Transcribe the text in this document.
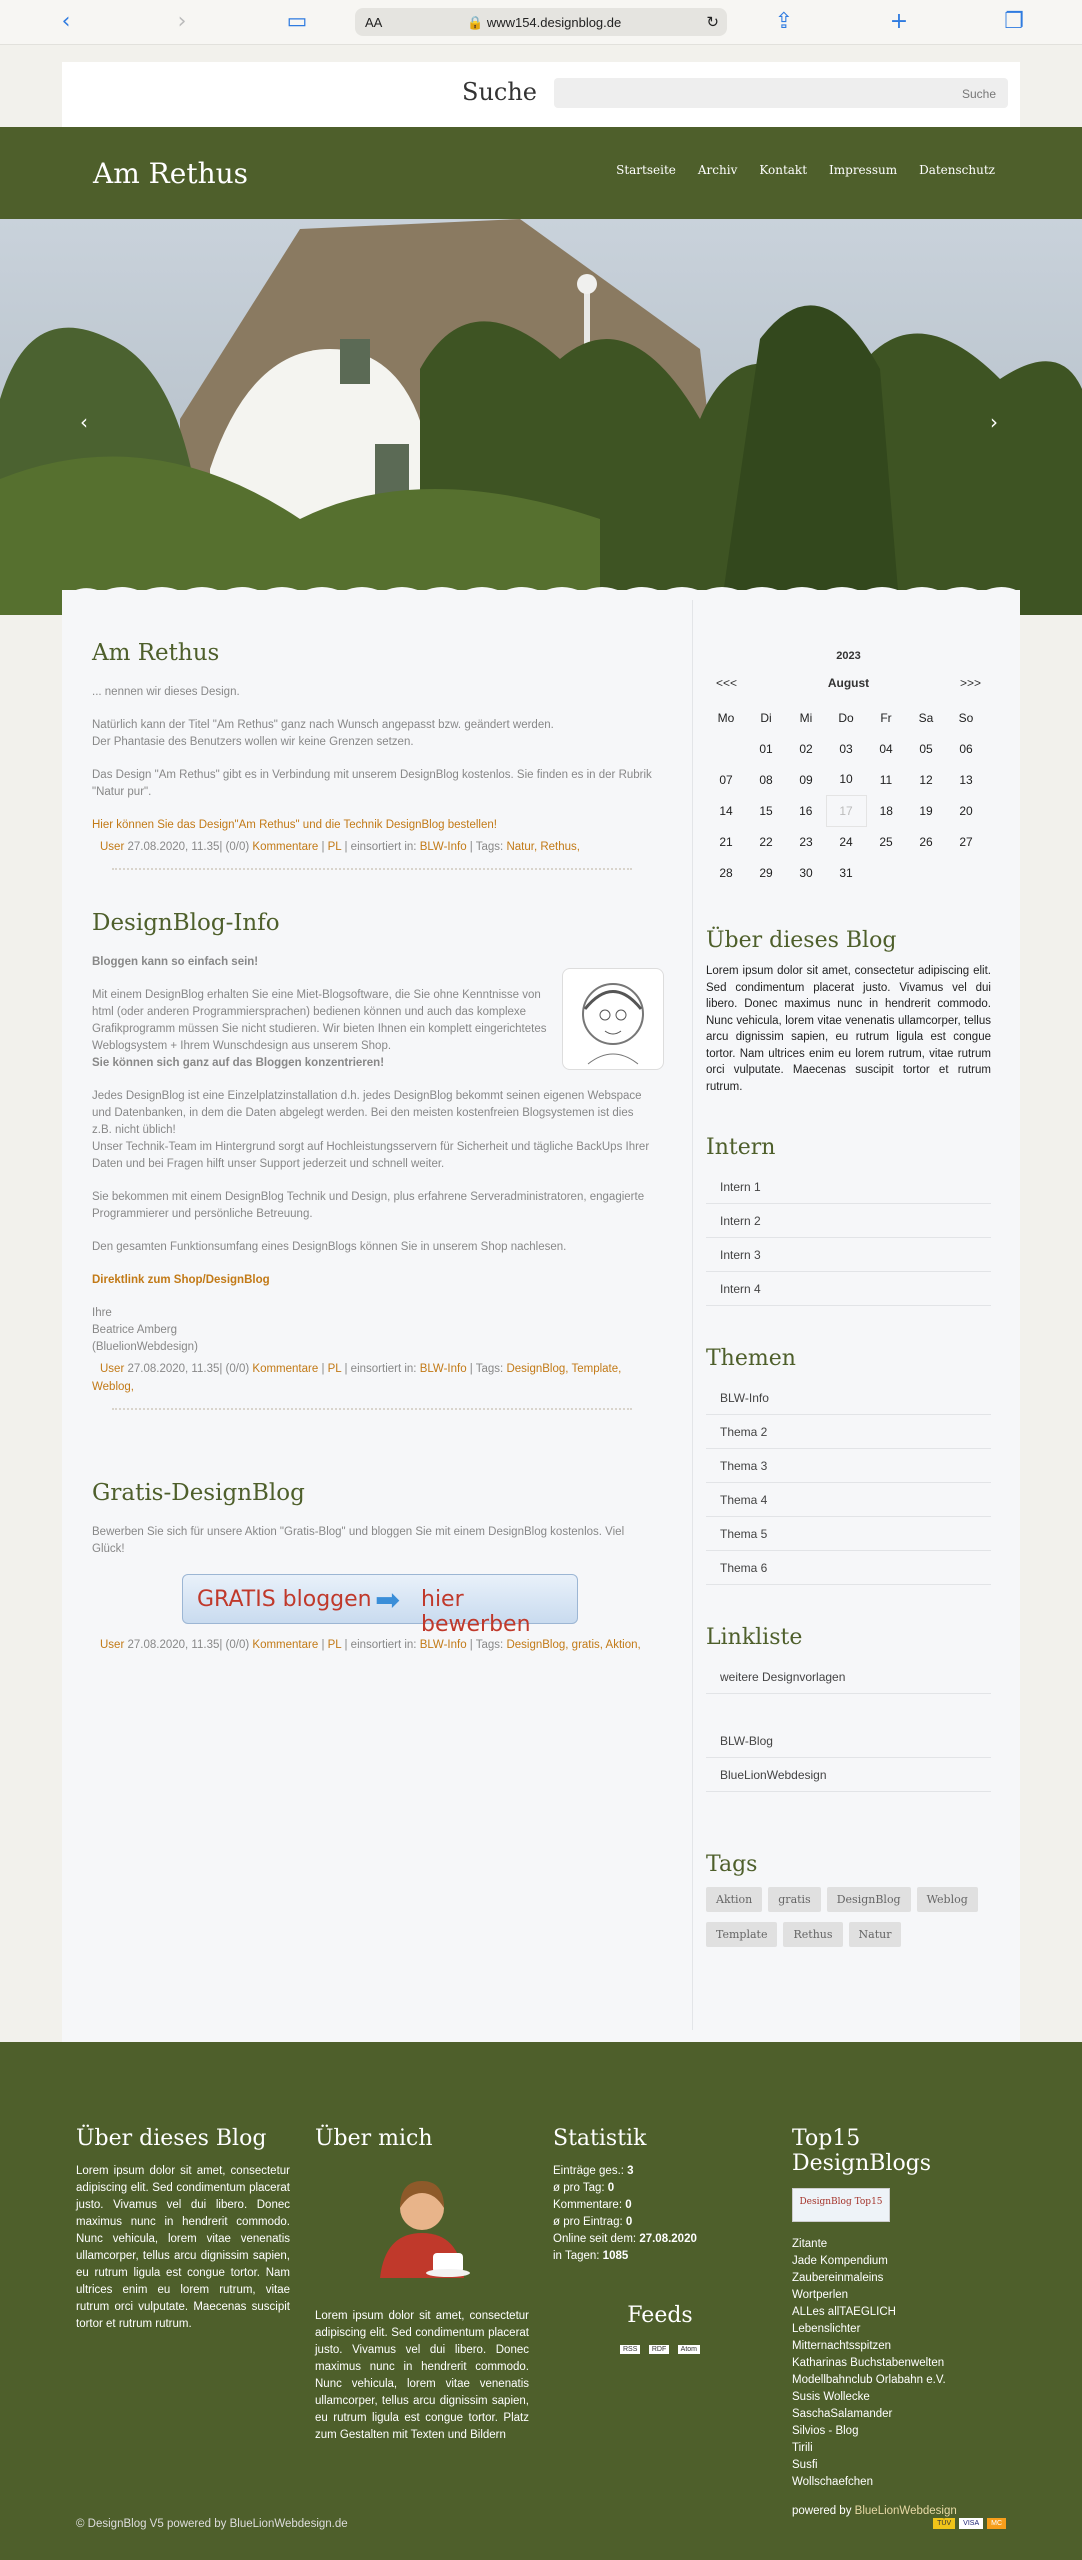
‹	›	▭	AA	🔒 www154.designblog.de	↻	⇪	+	❐
Suche	Suche
Am Rethus	Startseite Archiv Kontakt Impressum Datenschutz
‹	›
Am Rethus
... nennen wir dieses Design.
Natürlich kann der Titel "Am Rethus" ganz nach Wunsch angepasst bzw. geändert werden.
Der Phantasie des Benutzers wollen wir keine Grenzen setzen.
Das Design "Am Rethus" gibt es in Verbindung mit unserem DesignBlog kostenlos. Sie finden es in der Rubrik "Natur pur".
Hier können Sie das Design"Am Rethus" und die Technik DesignBlog bestellen!
User 27.08.2020, 11.35| (0/0) Kommentare | PL | einsortiert in: BLW-Info | Tags: Natur, Rethus,
DesignBlog-Info
Bloggen kann so einfach sein!
Mit einem DesignBlog erhalten Sie eine Miet-Blogsoftware, die Sie ohne Kenntnisse von html (oder anderen Programmiersprachen) bedienen können und auch das komplexe Grafikprogramm müssen Sie nicht studieren. Wir bieten Ihnen ein komplett eingerichtetes Weblogsystem + Ihrem Wunschdesign aus unserem Shop.
Sie können sich ganz auf das Bloggen konzentrieren!
Jedes DesignBlog ist eine Einzelplatzinstallation d.h. jedes DesignBlog bekommt seinen eigenen Webspace und Datenbanken, in dem die Daten abgelegt werden. Bei den meisten kostenfreien Blogsystemen ist dies z.B. nicht üblich!
Unser Technik-Team im Hintergrund sorgt auf Hochleistungsservern für Sicherheit und tägliche BackUps Ihrer Daten und bei Fragen hilft unser Support jederzeit und schnell weiter.
Sie bekommen mit einem DesignBlog Technik und Design, plus erfahrene Serveradministratoren, engagierte Programmierer und persönliche Betreuung.
Den gesamten Funktionsumfang eines DesignBlogs können Sie in unserem Shop nachlesen.
Direktlink zum Shop/DesignBlog
Ihre
Beatrice Amberg
(BluelionWebdesign)
User 27.08.2020, 11.35| (0/0) Kommentare | PL | einsortiert in: BLW-Info | Tags: DesignBlog, Template, Weblog,
Gratis-DesignBlog
Bewerben Sie sich für unsere Aktion "Gratis-Blog" und bloggen Sie mit einem DesignBlog kostenlos. Viel Glück!
GRATIS bloggen ➡ hier bewerben
User 27.08.2020, 11.35| (0/0) Kommentare | PL | einsortiert in: BLW-Info | Tags: DesignBlog, gratis, Aktion,
2023
<<<	August	>>>
Mo	Di	Mi	Do	Fr	Sa	So
	01	02	03	04	05	06
07	08	09	10	11	12	13
14	15	16	17	18	19	20
21	22	23	24	25	26	27
28	29	30	31			
Über dieses Blog
Lorem ipsum dolor sit amet, consectetur adipiscing elit. Sed condimentum placerat justo. Vivamus vel dui libero. Donec maximus nunc in hendrerit commodo. Nunc vehicula, lorem vitae venenatis ullamcorper, tellus arcu dignissim sapien, eu rutrum ligula est congue tortor. Nam ultrices enim eu lorem rutrum, vitae rutrum orci vulputate. Maecenas suscipit tortor et rutrum rutrum.
Intern
Intern 1
Intern 2
Intern 3
Intern 4
Themen
BLW-Info
Thema 2
Thema 3
Thema 4
Thema 5
Thema 6
Linkliste
weitere Designvorlagen
BLW-Blog
BlueLionWebdesign
Tags
Aktion gratis DesignBlog WeblogTemplate Rethus Natur
Über dieses Blog
Lorem ipsum dolor sit amet, consectetur adipiscing elit. Sed condimentum placerat justo. Vivamus vel dui libero. Donec maximus nunc in hendrerit commodo. Nunc vehicula, lorem vitae venenatis ullamcorper, tellus arcu dignissim sapien, eu rutrum ligula est congue tortor. Nam ultrices enim eu lorem rutrum, vitae rutrum orci vulputate. Maecenas suscipit tortor et rutrum rutrum.
Über mich
Lorem ipsum dolor sit amet, consectetur adipiscing elit. Sed condimentum placerat justo. Vivamus vel dui libero. Donec maximus nunc in hendrerit commodo. Nunc vehicula, lorem vitae venenatis ullamcorper, tellus arcu dignissim sapien, eu rutrum ligula est congue tortor. Platz zum Gestalten mit Texten und Bildern
Statistik
Einträge ges.: 3
ø pro Tag: 0
Kommentare: 0
ø pro Eintrag: 0
Online seit dem: 27.08.2020
in Tagen: 1085
Feeds
RSS RDF Atom
Top15 DesignBlogs
DesignBlog Top15
Zitante
Jade Kompendium
Zaubereinmaleins
Wortperlen
ALLes allTAEGLICH
Lebenslichter
Mitternachtsspitzen
Katharinas Buchstabenwelten
Modellbahnclub Orlabahn e.V.
Susis Wollecke
SaschaSalamander
Silvios - Blog
Tirili
Susfi
Wollschaefchen
powered by BlueLionWebdesign
© DesignBlog V5 powered by BlueLionWebdesign.de	TÜV	VISA	MC
